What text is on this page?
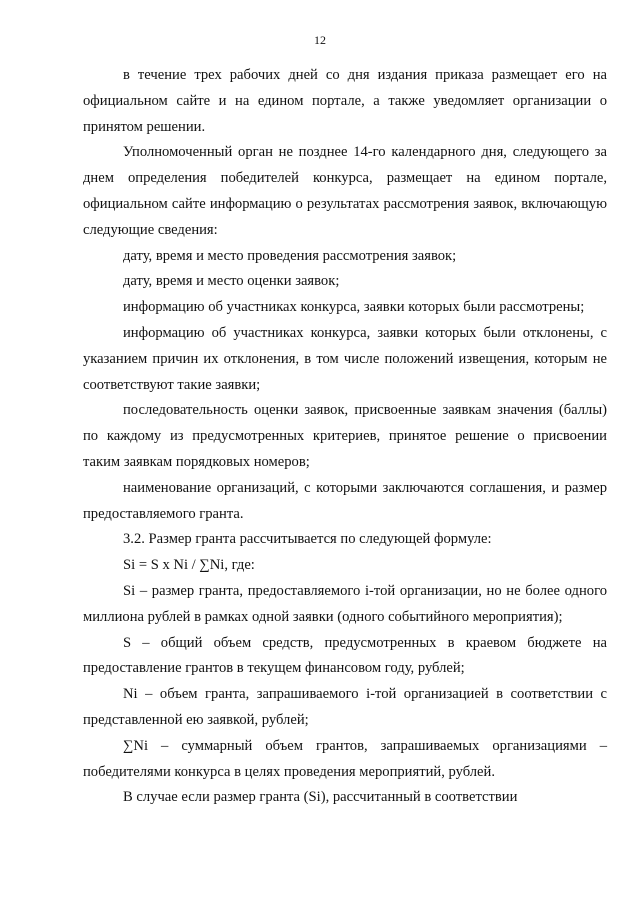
12

в течение трех рабочих дней со дня издания приказа размещает его на официальном сайте и на едином портале, а также уведомляет организации о принятом решении.

Уполномоченный орган не позднее 14-го календарного дня, следующего за днем определения победителей конкурса, размещает на едином портале, официальном сайте информацию о результатах рассмотрения заявок, включающую следующие сведения:

дату, время и место проведения рассмотрения заявок;

дату, время и место оценки заявок;

информацию об участниках конкурса, заявки которых были рассмотрены;

информацию об участниках конкурса, заявки которых были отклонены, с указанием причин их отклонения, в том числе положений извещения, которым не соответствуют такие заявки;

последовательность оценки заявок, присвоенные заявкам значения (баллы) по каждому из предусмотренных критериев, принятое решение о присвоении таким заявкам порядковых номеров;

наименование организаций, с которыми заключаются соглашения, и размер предоставляемого гранта.

3.2. Размер гранта рассчитывается по следующей формуле:

Si = S x Ni / ∑Ni, где:

Si – размер гранта, предоставляемого i-той организации, но не более одного миллиона рублей в рамках одной заявки (одного событийного мероприятия);

S – общий объем средств, предусмотренных в краевом бюджете на предоставление грантов в текущем финансовом году, рублей;

Ni – объем гранта, запрашиваемого i-той организацией в соответствии с представленной ею заявкой, рублей;

∑Ni – суммарный объем грантов, запрашиваемых организациями – победителями конкурса в целях проведения мероприятий, рублей.

В случае если размер гранта (Si), рассчитанный в соответствии
